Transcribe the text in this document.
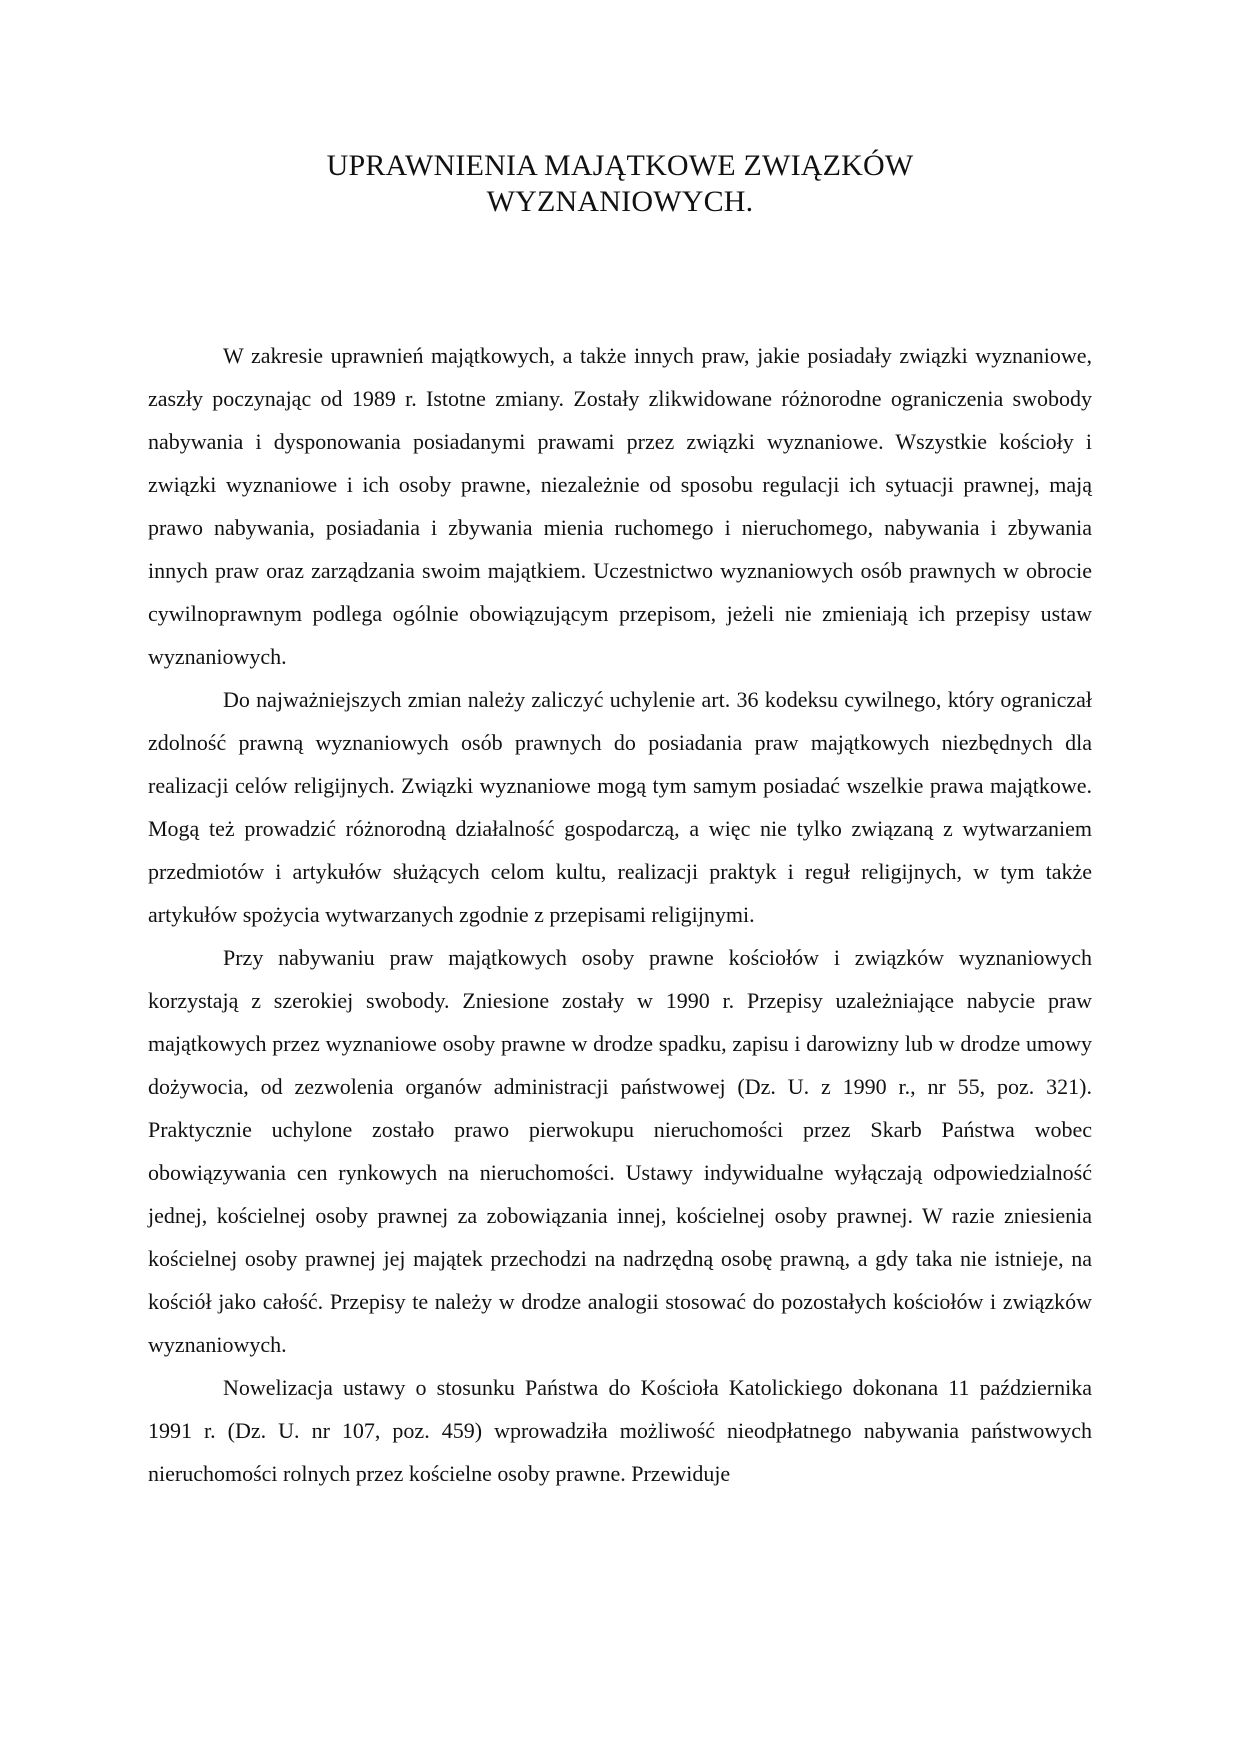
UPRAWNIENIA MAJĄTKOWE ZWIĄZKÓW
WYZNANIOWYCH.

W zakresie uprawnień majątkowych, a także innych praw, jakie posiadały związki wyznaniowe, zaszły poczynając od 1989 r. Istotne zmiany. Zostały zlikwidowane różnorodne ograniczenia swobody nabywania i dysponowania posiadanymi prawami przez związki wyznaniowe. Wszystkie kościoły i związki wyznaniowe i ich osoby prawne, niezależnie od sposobu regulacji ich sytuacji prawnej, mają prawo nabywania, posiadania i zbywania mienia ruchomego i nieruchomego, nabywania i zbywania innych praw oraz zarządzania swoim majątkiem. Uczestnictwo wyznaniowych osób prawnych w obrocie cywilnoprawnym podlega ogólnie obowiązującym przepisom, jeżeli nie zmieniają ich przepisy ustaw wyznaniowych.

Do najważniejszych zmian należy zaliczyć uchylenie art. 36 kodeksu cywilnego, który ograniczał zdolność prawną wyznaniowych osób prawnych do posiadania praw majątkowych niezbędnych dla realizacji celów religijnych. Związki wyznaniowe mogą tym samym posiadać wszelkie prawa majątkowe. Mogą też prowadzić różnorodną działalność gospodarczą, a więc nie tylko związaną z wytwarzaniem przedmiotów i artykułów służących celom kultu, realizacji praktyk i reguł religijnych, w tym także artykułów spożycia wytwarzanych zgodnie z przepisami religijnymi.

Przy nabywaniu praw majątkowych osoby prawne kościołów i związków wyznaniowych korzystają z szerokiej swobody. Zniesione zostały w 1990 r. Przepisy uzależniające nabycie praw majątkowych przez wyznaniowe osoby prawne w drodze spadku, zapisu i darowizny lub w drodze umowy dożywocia, od zezwolenia organów administracji państwowej (Dz. U. z 1990 r., nr 55, poz. 321). Praktycznie uchylone zostało prawo pierwokupu nieruchomości przez Skarb Państwa wobec obowiązywania cen rynkowych na nieruchomości. Ustawy indywidualne wyłączają odpowiedzialność jednej, kościelnej osoby prawnej za zobowiązania innej, kościelnej osoby prawnej. W razie zniesienia kościelnej osoby prawnej jej majątek przechodzi na nadrzędną osobę prawną, a gdy taka nie istnieje, na kościół jako całość. Przepisy te należy w drodze analogii stosować do pozostałych kościołów i związków wyznaniowych.

Nowelizacja ustawy o stosunku Państwa do Kościoła Katolickiego dokonana 11 października 1991 r. (Dz. U. nr 107, poz. 459) wprowadziła możliwość nieodpłatnego nabywania państwowych nieruchomości rolnych przez kościelne osoby prawne. Przewiduje
